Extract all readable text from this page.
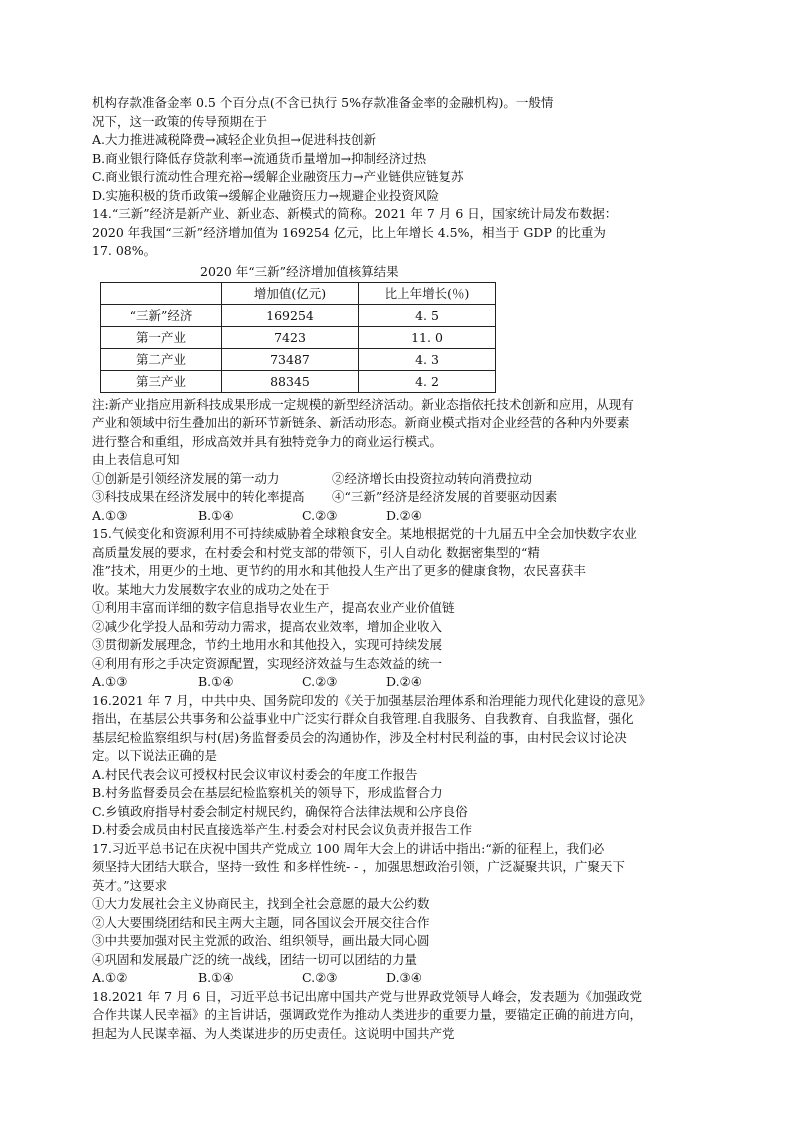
机构存款准备金率 0.5 个百分点(不含已执行 5%存款准备金率的金融机构)。一般情
况下，这一政策的传导预期在于
A.大力推进减税降费→减轻企业负担→促进科技创新
B.商业银行降低存贷款利率→流通货币量增加→抑制经济过热
C.商业银行流动性合理充裕→缓解企业融资压力→产业链供应链复苏
D.实施积极的货币政策→缓解企业融资压力→规避企业投资风险
14.“三新”经济是新产业、新业态、新模式的简称。2021 年 7 月 6 日，国家统计局发布数据：
2020 年我国“三新”经济增加值为 169254 亿元，比上年增长 4.5%，相当于 GDP 的比重为
17. 08%。
2020 年“三新”经济增加值核算结果
	增加值(亿元)	比上年增长(％)
“三新”经济	169254	4. 5
第一产业	7423	11. 0
第二产业	73487	4. 3
第三产业	88345	4. 2
注:新产业指应用新科技成果形成一定规模的新型经济活动。新业态指依托技术创新和应用，从现有
产业和领域中衍生叠加出的新环节新链条、新活动形态。新商业模式指对企业经营的各种内外要素
进行整合和重组，形成高效并具有独特竞争力的商业运行模式。
由上表信息可知
①创新是引领经济发展的第一动力	②经济增长由投资拉动转向消费拉动
③科技成果在经济发展中的转化率提高	④“三新”经济是经济发展的首要驱动因素
A.①③	B.①④	C.②③	D.②④
15.气候变化和资源利用不可持续威胁着全球粮食安全。某地根据党的十九届五中全会加快数字农业
高质量发展的要求，在村委会和村党支部的带领下，引人自动化 数据密集型的“精
准”技术，用更少的土地、更节约的用水和其他投人生产出了更多的健康食物，农民喜获丰
收。某地大力发展数字农业的成功之处在于
①利用丰富而详细的数字信息指导农业生产，提高农业产业价值链
②减少化学投人品和劳动力需求，提高农业效率，增加企业收入
③贯彻新发展理念，节约土地用水和其他投入，实现可持续发展
④利用有形之手决定资源配置，实现经济效益与生态效益的统一
A.①③	B.①④	C.②③	D.②④
16.2021 年 7 月，中共中央、国务院印发的《关于加强基层治理体系和治理能力现代化建设的意见》
指出，在基层公共事务和公益事业中广泛实行群众自我管理.自我服务、自我教育、自我监督，强化
基层纪检监察组织与村(居)务监督委员会的沟通协作，涉及全村村民利益的事，由村民会议讨论决
定。以下说法正确的是
A.村民代表会议可授权村民会议审议村委会的年度工作报告
B.村务监督委员会在基层纪检监察机关的领导下，形成监督合力
C.乡镇政府指导村委会制定村规民约，确保符合法律法规和公序良俗
D.村委会成员由村民直接选举产生.村委会对村民会议负责并报告工作
17.习近平总书记在庆祝中国共产党成立 100 周年大会上的讲话中指出:“新的征程上，我们必
须坚持大团结大联合，坚持一致性 和多样性统- - ，加强思想政治引领，广泛凝聚共识，广聚天下
英才。”这要求
①大力发展社会主义协商民主，找到全社会意愿的最大公约数
②人大要围绕团结和民主两大主题，同各国议会开展交往合作
③中共要加强对民主党派的政治、组织领导，画出最大同心圆
④巩固和发展最广泛的统一战线，团结一切可以团结的力量
A.①②	B.①④	C.②③	D.③④
18.2021 年 7 月 6 日，习近平总书记出席中国共产党与世界政党领导人峰会，发表题为《加强政党
合作共谋人民幸福》的主旨讲话，强调政党作为推动人类进步的重要力量，要锚定正确的前进方向，
担起为人民谋幸福、为人类谋进步的历史责任。这说明中国共产党
